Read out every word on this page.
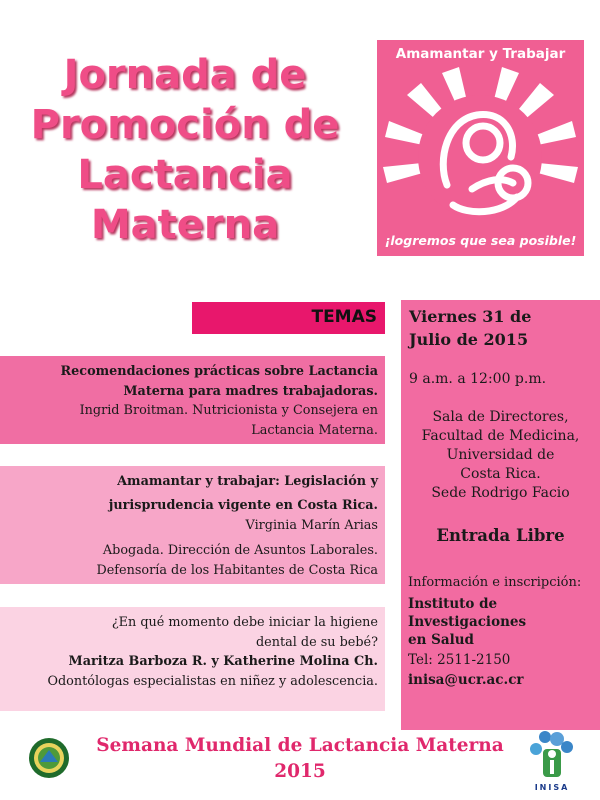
Jornada de
Promoción de
Lactancia
Materna
Amamantar y Trabajar
¡logremos que sea posible!
TEMAS
Recomendaciones prácticas sobre Lactancia
Materna para madres trabajadoras.
Ingrid Broitman. Nutricionista y Consejera en
Lactancia Materna.
Amamantar y trabajar: Legislación y
jurisprudencia vigente en Costa Rica.
Virginia Marín Arias
Abogada. Dirección de Asuntos Laborales.
Defensoría de los Habitantes de Costa Rica
¿En qué momento debe iniciar la higiene
dental de su bebé?
Maritza Barboza R. y Katherine Molina Ch.
Odontólogas especialistas en niñez y adolescencia.
Viernes 31 de
Julio de 2015
9 a.m. a 12:00 p.m.
Sala de Directores,
Facultad de Medicina,
Universidad de
Costa Rica.
Sede Rodrigo Facio
Entrada Libre
Información e inscripción:
Instituto de
Investigaciones
en Salud
Tel: 2511-2150
inisa@ucr.ac.cr
Semana Mundial de Lactancia Materna
2015
INISA
